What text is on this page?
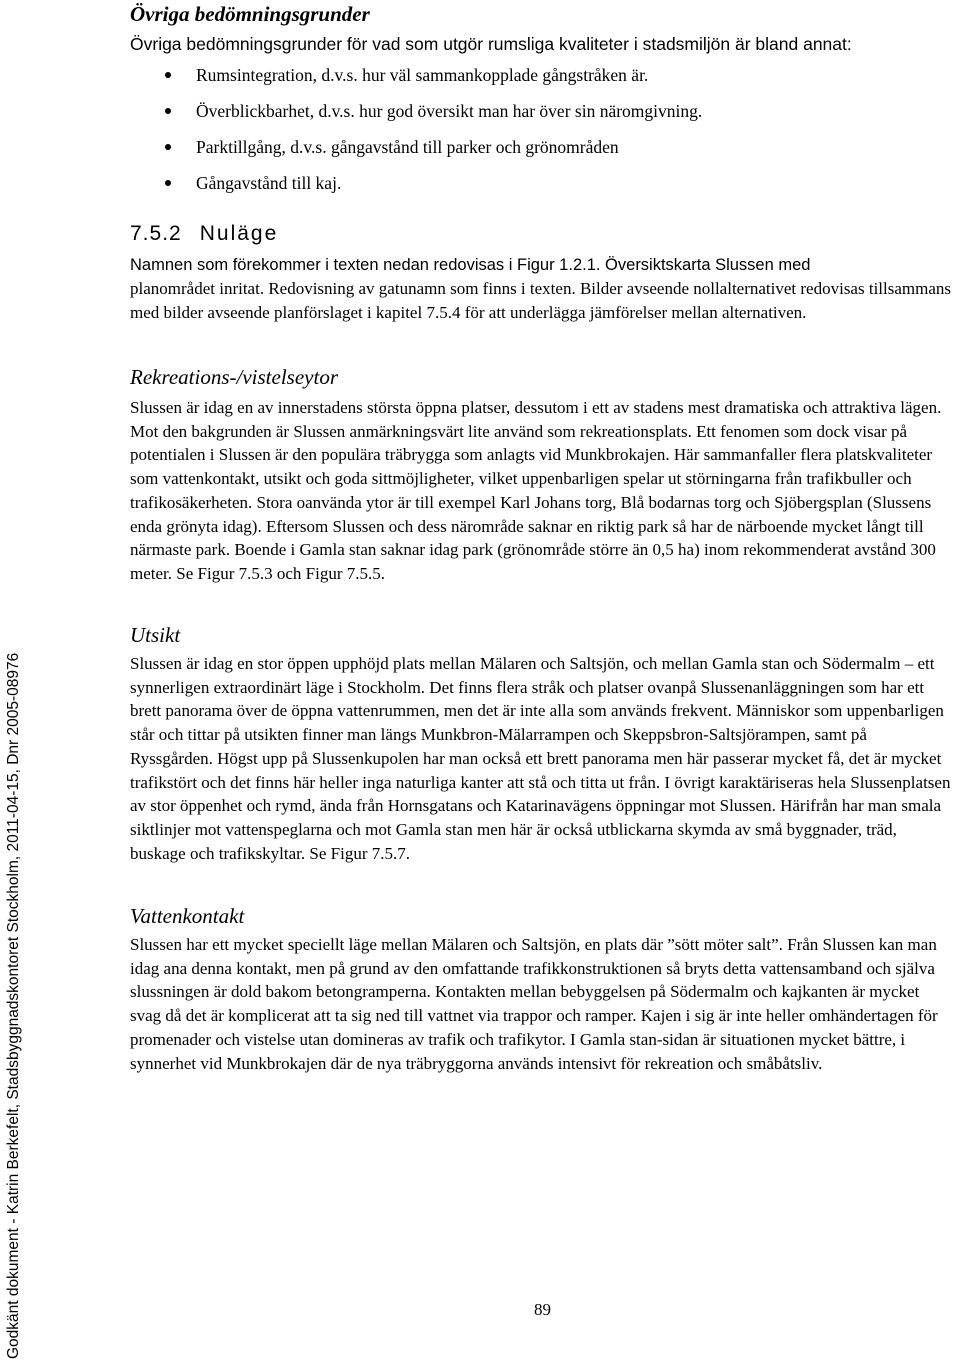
Godkänt dokument - Katrin Berkefelt, Stadsbyggnadskontoret Stockholm, 2011-04-15, Dnr 2005-08976
Övriga bedömningsgrunder
Övriga bedömningsgrunder för vad som utgör rumsliga kvaliteter i stadsmiljön är bland annat:
Rumsintegration, d.v.s. hur väl sammankopplade gångstråken är.
Överblickbarhet, d.v.s. hur god översikt man har över sin näromgivning.
Parktillgång, d.v.s. gångavstånd till parker och grönområden
Gångavstånd till kaj.
7.5.2 Nuläge
Namnen som förekommer i texten nedan redovisas i Figur 1.2.1. Översiktskarta Slussen med

planområdet inritat. Redovisning av gatunamn som finns i texten. Bilder avseende nollalternativet redovisas tillsammans med bilder avseende planförslaget i kapitel 7.5.4 för att underlägga jämförelser mellan alternativen.

Rekreations-/vistelseytor

Slussen är idag en av innerstadens största öppna platser, dessutom i ett av stadens mest dramatiska och attraktiva lägen. Mot den bakgrunden är Slussen anmärkningsvärt lite använd som rekreationsplats. Ett fenomen som dock visar på potentialen i Slussen är den populära träbrygga som anlagts vid Munkbrokajen. Här sammanfaller flera platskvaliteter som vattenkontakt, utsikt och goda sittmöjligheter, vilket uppenbarligen spelar ut störningarna från trafikbuller och trafikosäkerheten. Stora oanvända ytor är till exempel Karl Johans torg, Blå bodarnas torg och Sjöbergsplan (Slussens enda grönyta idag). Eftersom Slussen och dess närområde saknar en riktig park så har de närboende mycket långt till närmaste park. Boende i Gamla stan saknar idag park (grönområde större än 0,5 ha) inom rekommenderat avstånd 300 meter. Se Figur 7.5.3 och Figur 7.5.5.

Utsikt

Slussen är idag en stor öppen upphöjd plats mellan Mälaren och Saltsjön, och mellan Gamla stan och Södermalm – ett synnerligen extraordinärt läge i Stockholm. Det finns flera stråk och platser ovanpå Slussenanläggningen som har ett brett panorama över de öppna vattenrummen, men det är inte alla som används frekvent. Människor som uppenbarligen står och tittar på utsikten finner man längs Munkbron-Mälarrampen och Skeppsbron-Saltsjörampen, samt på Ryssgården. Högst upp på Slussenkupolen har man också ett brett panorama men här passerar mycket få, det är mycket trafikstört och det finns här heller inga naturliga kanter att stå och titta ut från. I övrigt karaktäriseras hela Slussenplatsen av stor öppenhet och rymd, ända från Hornsgatans och Katarinavägens öppningar mot Slussen. Härifrån har man smala siktlinjer mot vattenspeglarna och mot Gamla stan men här är också utblickarna skymda av små byggnader, träd, buskage och trafikskyltar. Se Figur 7.5.7.

Vattenkontakt

Slussen har ett mycket speciellt läge mellan Mälaren och Saltsjön, en plats där ”sött möter salt”. Från Slussen kan man idag ana denna kontakt, men på grund av den omfattande trafikkonstruktionen så bryts detta vattensamband och själva slussningen är dold bakom betongramperna. Kontakten mellan bebyggelsen på Södermalm och kajkanten är mycket svag då det är komplicerat att ta sig ned till vattnet via trappor och ramper. Kajen i sig är inte heller omhändertagen för promenader och vistelse utan domineras av trafik och trafikytor. I Gamla stan-sidan är situationen mycket bättre, i synnerhet vid Munkbrokajen där de nya träbryggorna används intensivt för rekreation och småbåtsliv.

89
